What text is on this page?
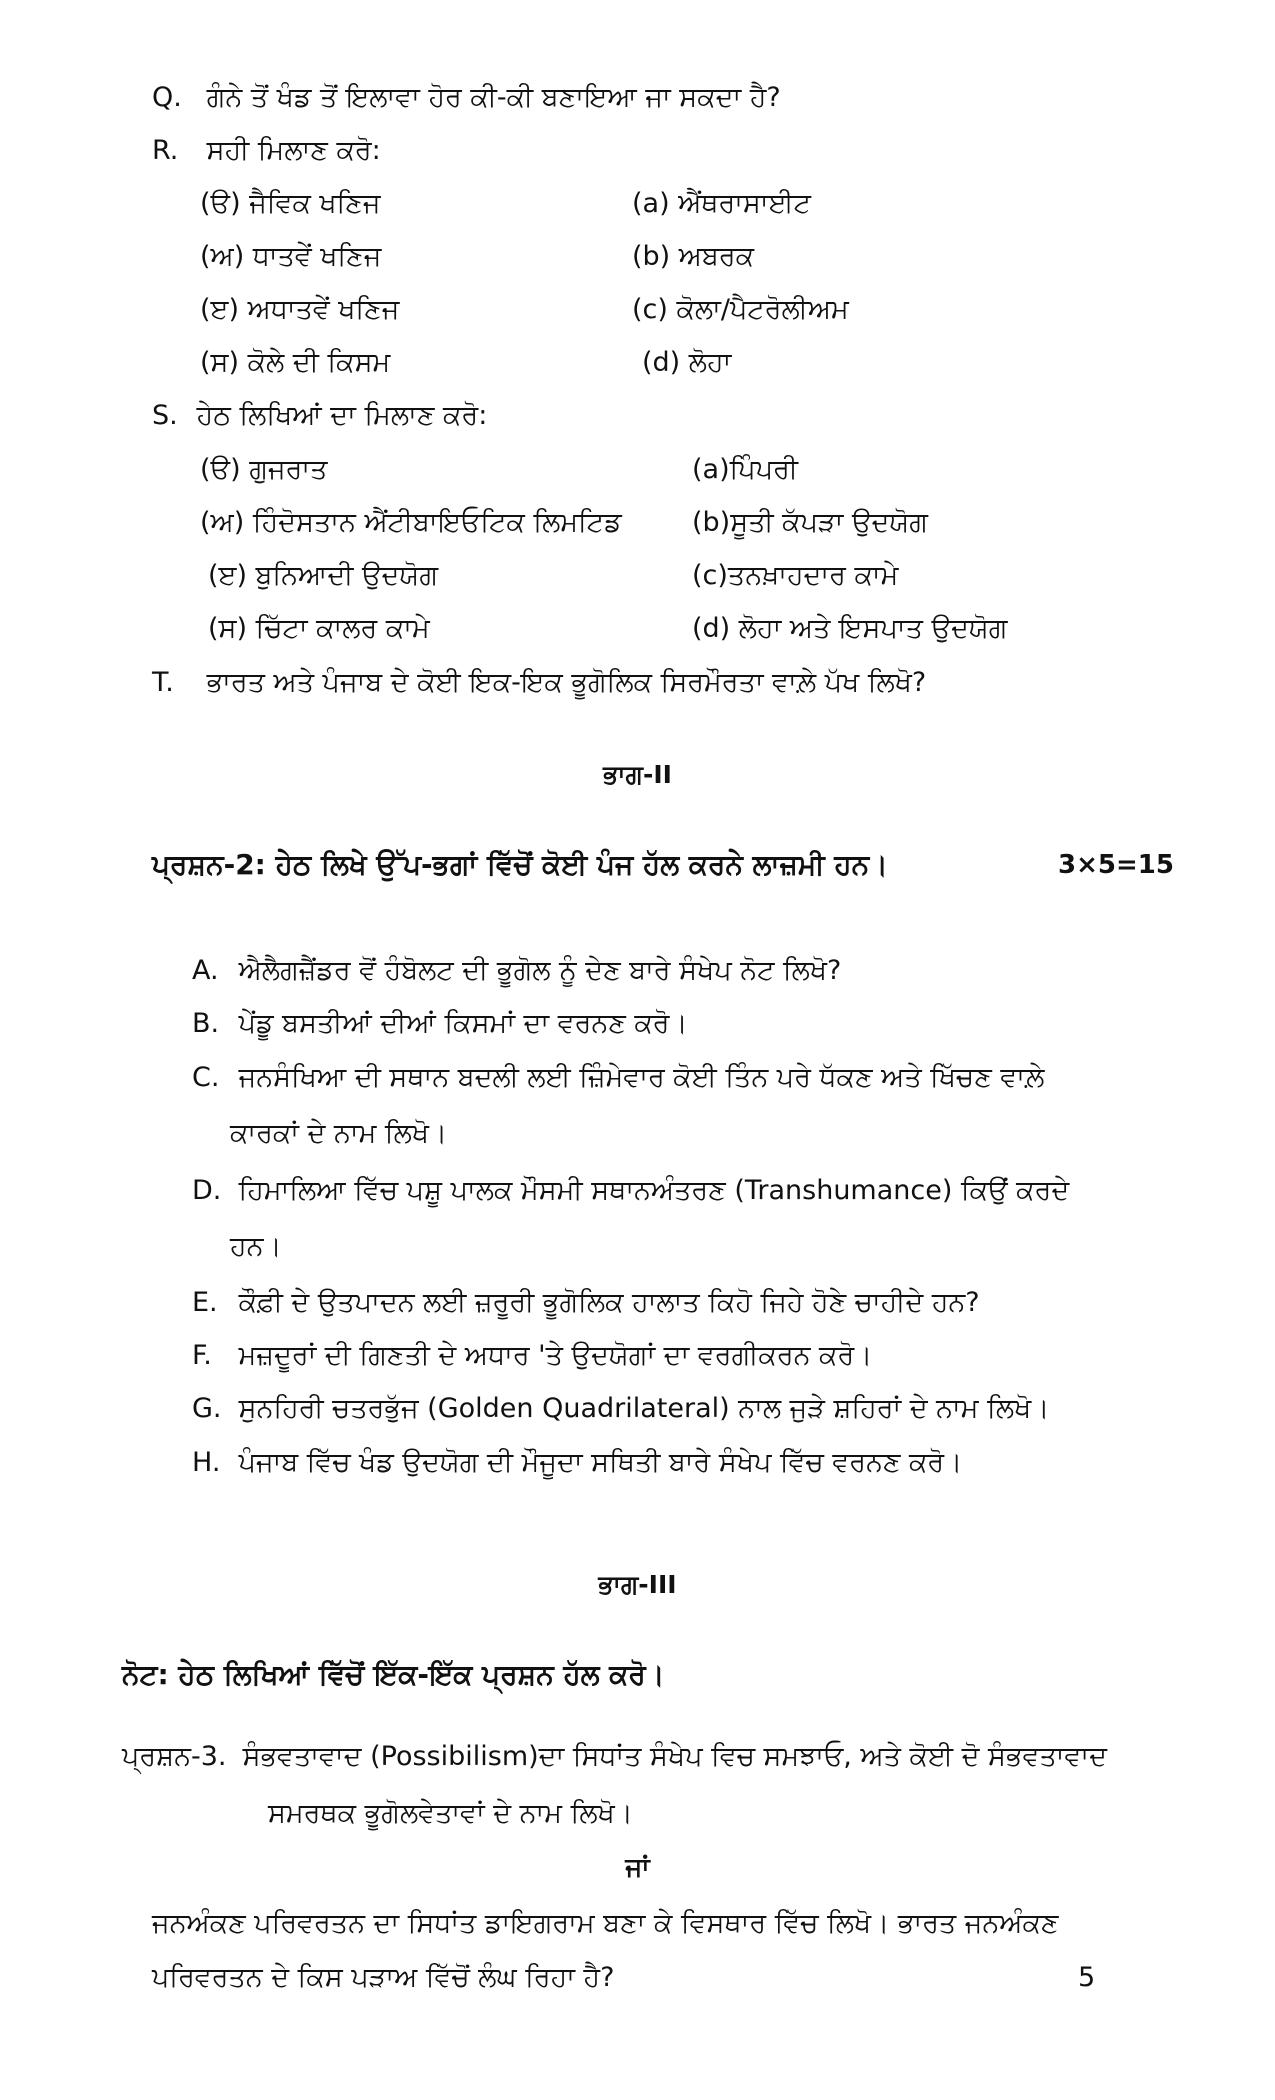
Q. ਗੰਨੇ ਤੋਂ ਖੰਡ ਤੋਂ ਇਲਾਵਾ ਹੋਰ ਕੀ-ਕੀ ਬਣਾਇਆ ਜਾ ਸਕਦਾ ਹੈ?
R. ਸਹੀ ਮਿਲਾਣ ਕਰੋ:
(ੳ) ਜੈਵਿਕ ਖਣਿਜ	(a) ਐਂਥਰਾਸਾਈਟ
(ਅ) ਧਾਤਵੇਂ ਖਣਿਜ	(b) ਅਬਰਕ
(ੲ) ਅਧਾਤਵੇਂ ਖਣਿਜ	(c) ਕੋਲਾ/ਪੈਟਰੋਲੀਅਮ
(ਸ) ਕੋਲੇ ਦੀ ਕਿਸਮ	(d) ਲੋਹਾ
S. ਹੇਠ ਲਿਖਿਆਂ ਦਾ ਮਿਲਾਣ ਕਰੋ:
(ੳ) ਗੁਜਰਾਤ	(a)ਪਿੰਪਰੀ
(ਅ) ਹਿੰਦੋਸਤਾਨ ਐਂਟੀਬਾਇਓਟਿਕ ਲਿਮਟਿਡ	(b)ਸੂਤੀ ਕੱਪੜਾ ਉਦਯੋਗ
(ੲ) ਬੁਨਿਆਦੀ ਉਦਯੋਗ	(c)ਤਨਖ਼ਾਹਦਾਰ ਕਾਮੇ
(ਸ) ਚਿੱਟਾ ਕਾਲਰ ਕਾਮੇ	(d) ਲੋਹਾ ਅਤੇ ਇਸਪਾਤ ਉਦਯੋਗ
T. ਭਾਰਤ ਅਤੇ ਪੰਜਾਬ ਦੇ ਕੋਈ ਇਕ-ਇਕ ਭੂਗੋਲਿਕ ਸਿਰਮੌਰਤਾ ਵਾਲ਼ੇ ਪੱਖ ਲਿਖੋ?
ਭਾਗ-II
ਪ੍ਰਸ਼ਨ-2: ਹੇਠ ਲਿਖੇ ਉੱਪ-ਭਗਾਂ ਵਿੱਚੋਂ ਕੋਈ ਪੰਜ ਹੱਲ ਕਰਨੇ ਲਾਜ਼ਮੀ ਹਨ।	3×5=15
A. ਐਲੈਗਜ਼ੈਂਡਰ ਵੋਂ ਹੰਬੋਲਟ ਦੀ ਭੂਗੋਲ ਨੂੰ ਦੇਣ ਬਾਰੇ ਸੰਖੇਪ ਨੋਟ ਲਿਖੋ?
B. ਪੇਂਡੂ ਬਸਤੀਆਂ ਦੀਆਂ ਕਿਸਮਾਂ ਦਾ ਵਰਨਣ ਕਰੋ।
C. ਜਨਸੰਖਿਆ ਦੀ ਸਥਾਨ ਬਦਲੀ ਲਈ ਜ਼ਿੰਮੇਵਾਰ ਕੋਈ ਤਿੰਨ ਪਰੇ ਧੱਕਣ ਅਤੇ ਖਿੱਚਣ ਵਾਲ਼ੇ
ਕਾਰਕਾਂ ਦੇ ਨਾਮ ਲਿਖੋ।
D. ਹਿਮਾਲਿਆ ਵਿੱਚ ਪਸ਼ੂ ਪਾਲਕ ਮੌਸਮੀ ਸਥਾਨਅੰਤਰਣ (Transhumance) ਕਿਉਂ ਕਰਦੇ
ਹਨ।
E. ਕੌਫ਼ੀ ਦੇ ਉਤਪਾਦਨ ਲਈ ਜ਼ਰੂਰੀ ਭੂਗੋਲਿਕ ਹਾਲਾਤ ਕਿਹੋ ਜਿਹੇ ਹੋਣੇ ਚਾਹੀਦੇ ਹਨ?
F. ਮਜ਼ਦੂਰਾਂ ਦੀ ਗਿਣਤੀ ਦੇ ਅਧਾਰ 'ਤੇ ਉਦਯੋਗਾਂ ਦਾ ਵਰਗੀਕਰਨ ਕਰੋ।
G. ਸੁਨਹਿਰੀ ਚਤਰਭੁੱਜ (Golden Quadrilateral) ਨਾਲ ਜੁੜੇ ਸ਼ਹਿਰਾਂ ਦੇ ਨਾਮ ਲਿਖੋ।
H. ਪੰਜਾਬ ਵਿੱਚ ਖੰਡ ਉਦਯੋਗ ਦੀ ਮੌਜੂਦਾ ਸਥਿਤੀ ਬਾਰੇ ਸੰਖੇਪ ਵਿੱਚ ਵਰਨਣ ਕਰੋ।
ਭਾਗ-III
ਨੋਟ: ਹੇਠ ਲਿਖਿਆਂ ਵਿੱਚੋਂ ਇੱਕ-ਇੱਕ ਪ੍ਰਸ਼ਨ ਹੱਲ ਕਰੋ।
ਪ੍ਰਸ਼ਨ-3. ਸੰਭਵਤਾਵਾਦ (Possibilism)ਦਾ ਸਿਧਾਂਤ ਸੰਖੇਪ ਵਿਚ ਸਮਝਾਓ, ਅਤੇ ਕੋਈ ਦੋ ਸੰਭਵਤਾਵਾਦ
ਸਮਰਥਕ ਭੂਗੋਲਵੇਤਾਵਾਂ ਦੇ ਨਾਮ ਲਿਖੋ।
ਜਾਂ
ਜਨਅੰਕਣ ਪਰਿਵਰਤਨ ਦਾ ਸਿਧਾਂਤ ਡਾਇਗਰਾਮ ਬਣਾ ਕੇ ਵਿਸਥਾਰ ਵਿੱਚ ਲਿਖੋ। ਭਾਰਤ ਜਨਅੰਕਣ
ਪਰਿਵਰਤਨ ਦੇ ਕਿਸ ਪੜਾਅ ਵਿੱਚੋਂ ਲੰਘ ਰਿਹਾ ਹੈ?	5
